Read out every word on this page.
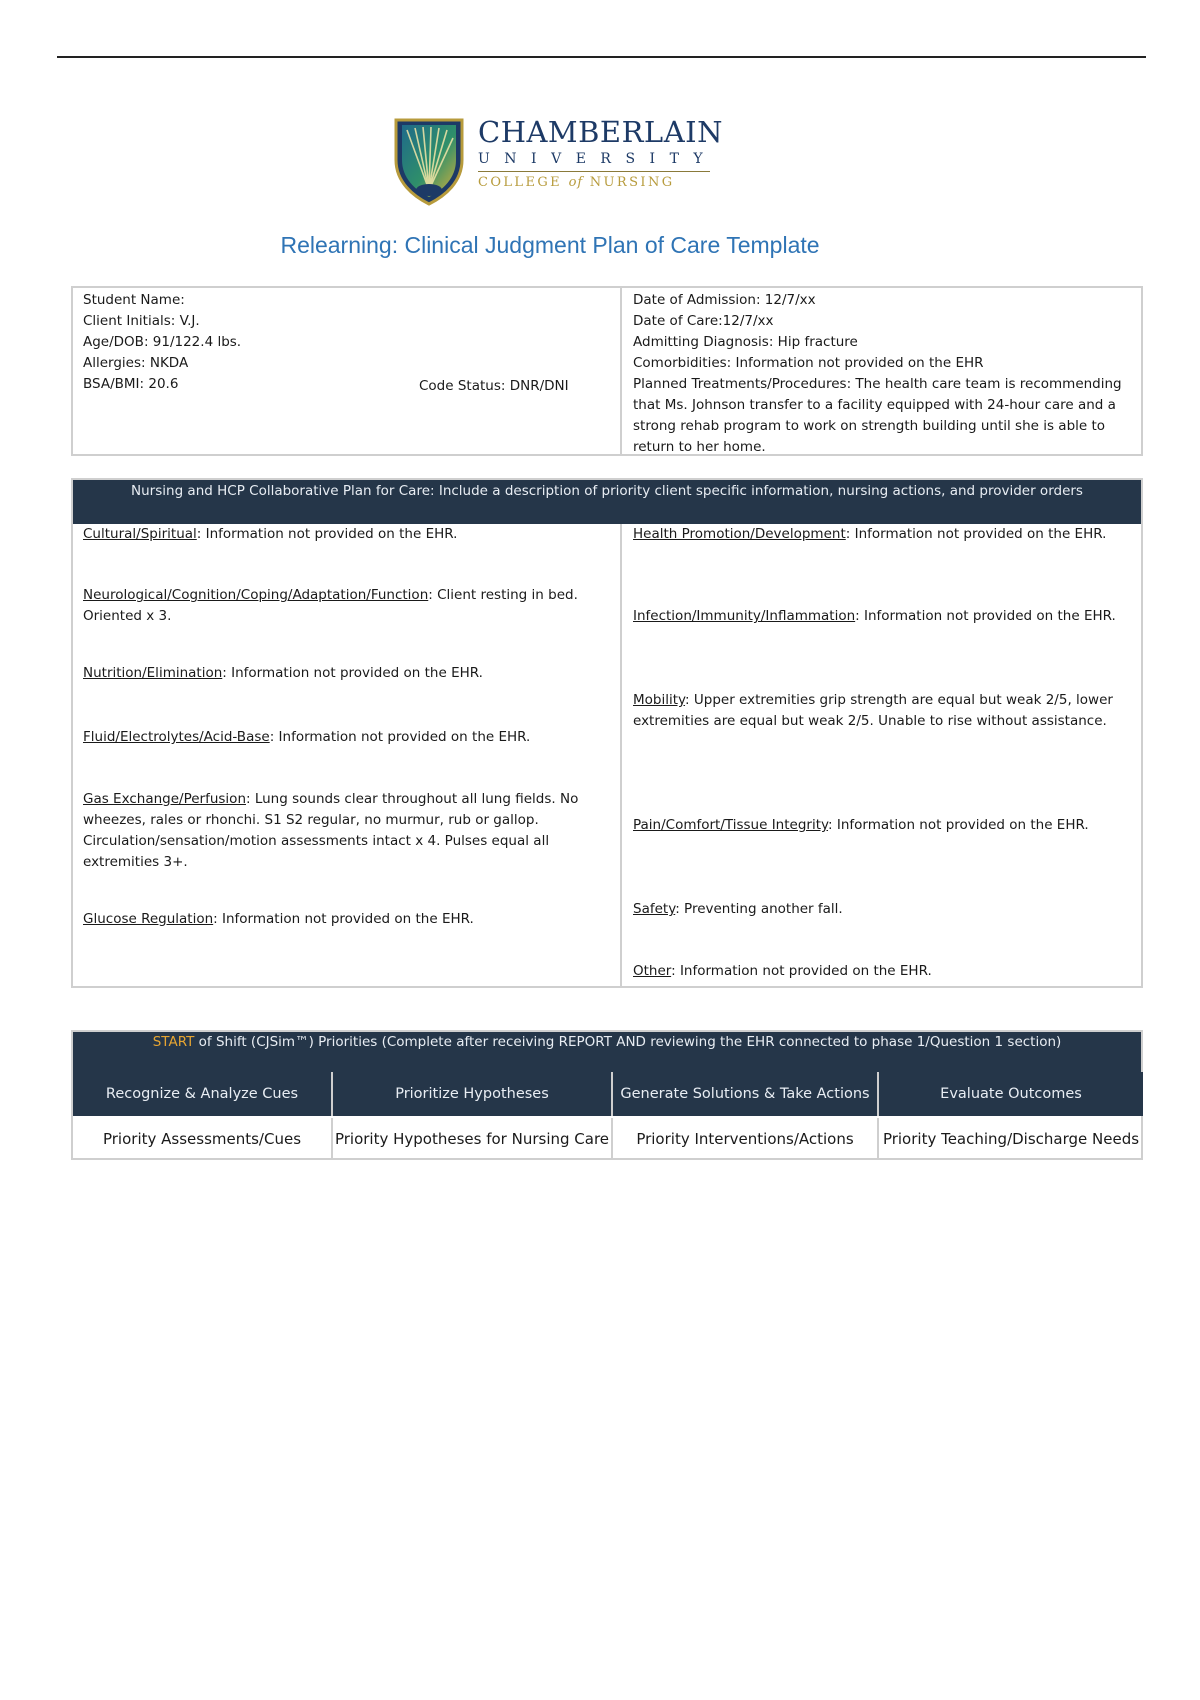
CHAMBERLAIN
UNIVERSITY
COLLEGE of NURSING
Relearning: Clinical Judgment Plan of Care Template
Student Name:
Client Initials: V.J.
Age/DOB: 91/122.4 lbs.
Allergies: NKDA
BSA/BMI: 20.6	Code Status: DNR/DNI
Date of Admission: 12/7/xx
Date of Care:12/7/xx
Admitting Diagnosis: Hip fracture
Comorbidities: Information not provided on the EHR
Planned Treatments/Procedures: The health care team is recommending that Ms. Johnson transfer to a facility equipped with 24-hour care and a strong rehab program to work on strength building until she is able to return to her home.
Nursing and HCP Collaborative Plan for Care: Include a description of priority client specific information, nursing actions, and provider orders
Cultural/Spiritual: Information not provided on the EHR.
Neurological/Cognition/Coping/Adaptation/Function: Client resting in bed. Oriented x 3.
Nutrition/Elimination: Information not provided on the EHR.
Fluid/Electrolytes/Acid-Base: Information not provided on the EHR.
Gas Exchange/Perfusion: Lung sounds clear throughout all lung fields. No wheezes, rales or rhonchi. S1 S2 regular, no murmur, rub or gallop. Circulation/sensation/motion assessments intact x 4. Pulses equal all extremities 3+.
Glucose Regulation: Information not provided on the EHR.
Health Promotion/Development: Information not provided on the EHR.
Infection/Immunity/Inflammation: Information not provided on the EHR.
Mobility: Upper extremities grip strength are equal but weak 2/5, lower extremities are equal but weak 2/5. Unable to rise without assistance.
Pain/Comfort/Tissue Integrity: Information not provided on the EHR.
Safety: Preventing another fall.
Other: Information not provided on the EHR.
START of Shift (CJSim™) Priorities (Complete after receiving REPORT AND reviewing the EHR connected to phase 1/Question 1 section)
Recognize & Analyze Cues	Prioritize Hypotheses	Generate Solutions & Take Actions	Evaluate Outcomes
Priority Assessments/Cues	Priority Hypotheses for Nursing Care	Priority Interventions/Actions	Priority Teaching/Discharge Needs
